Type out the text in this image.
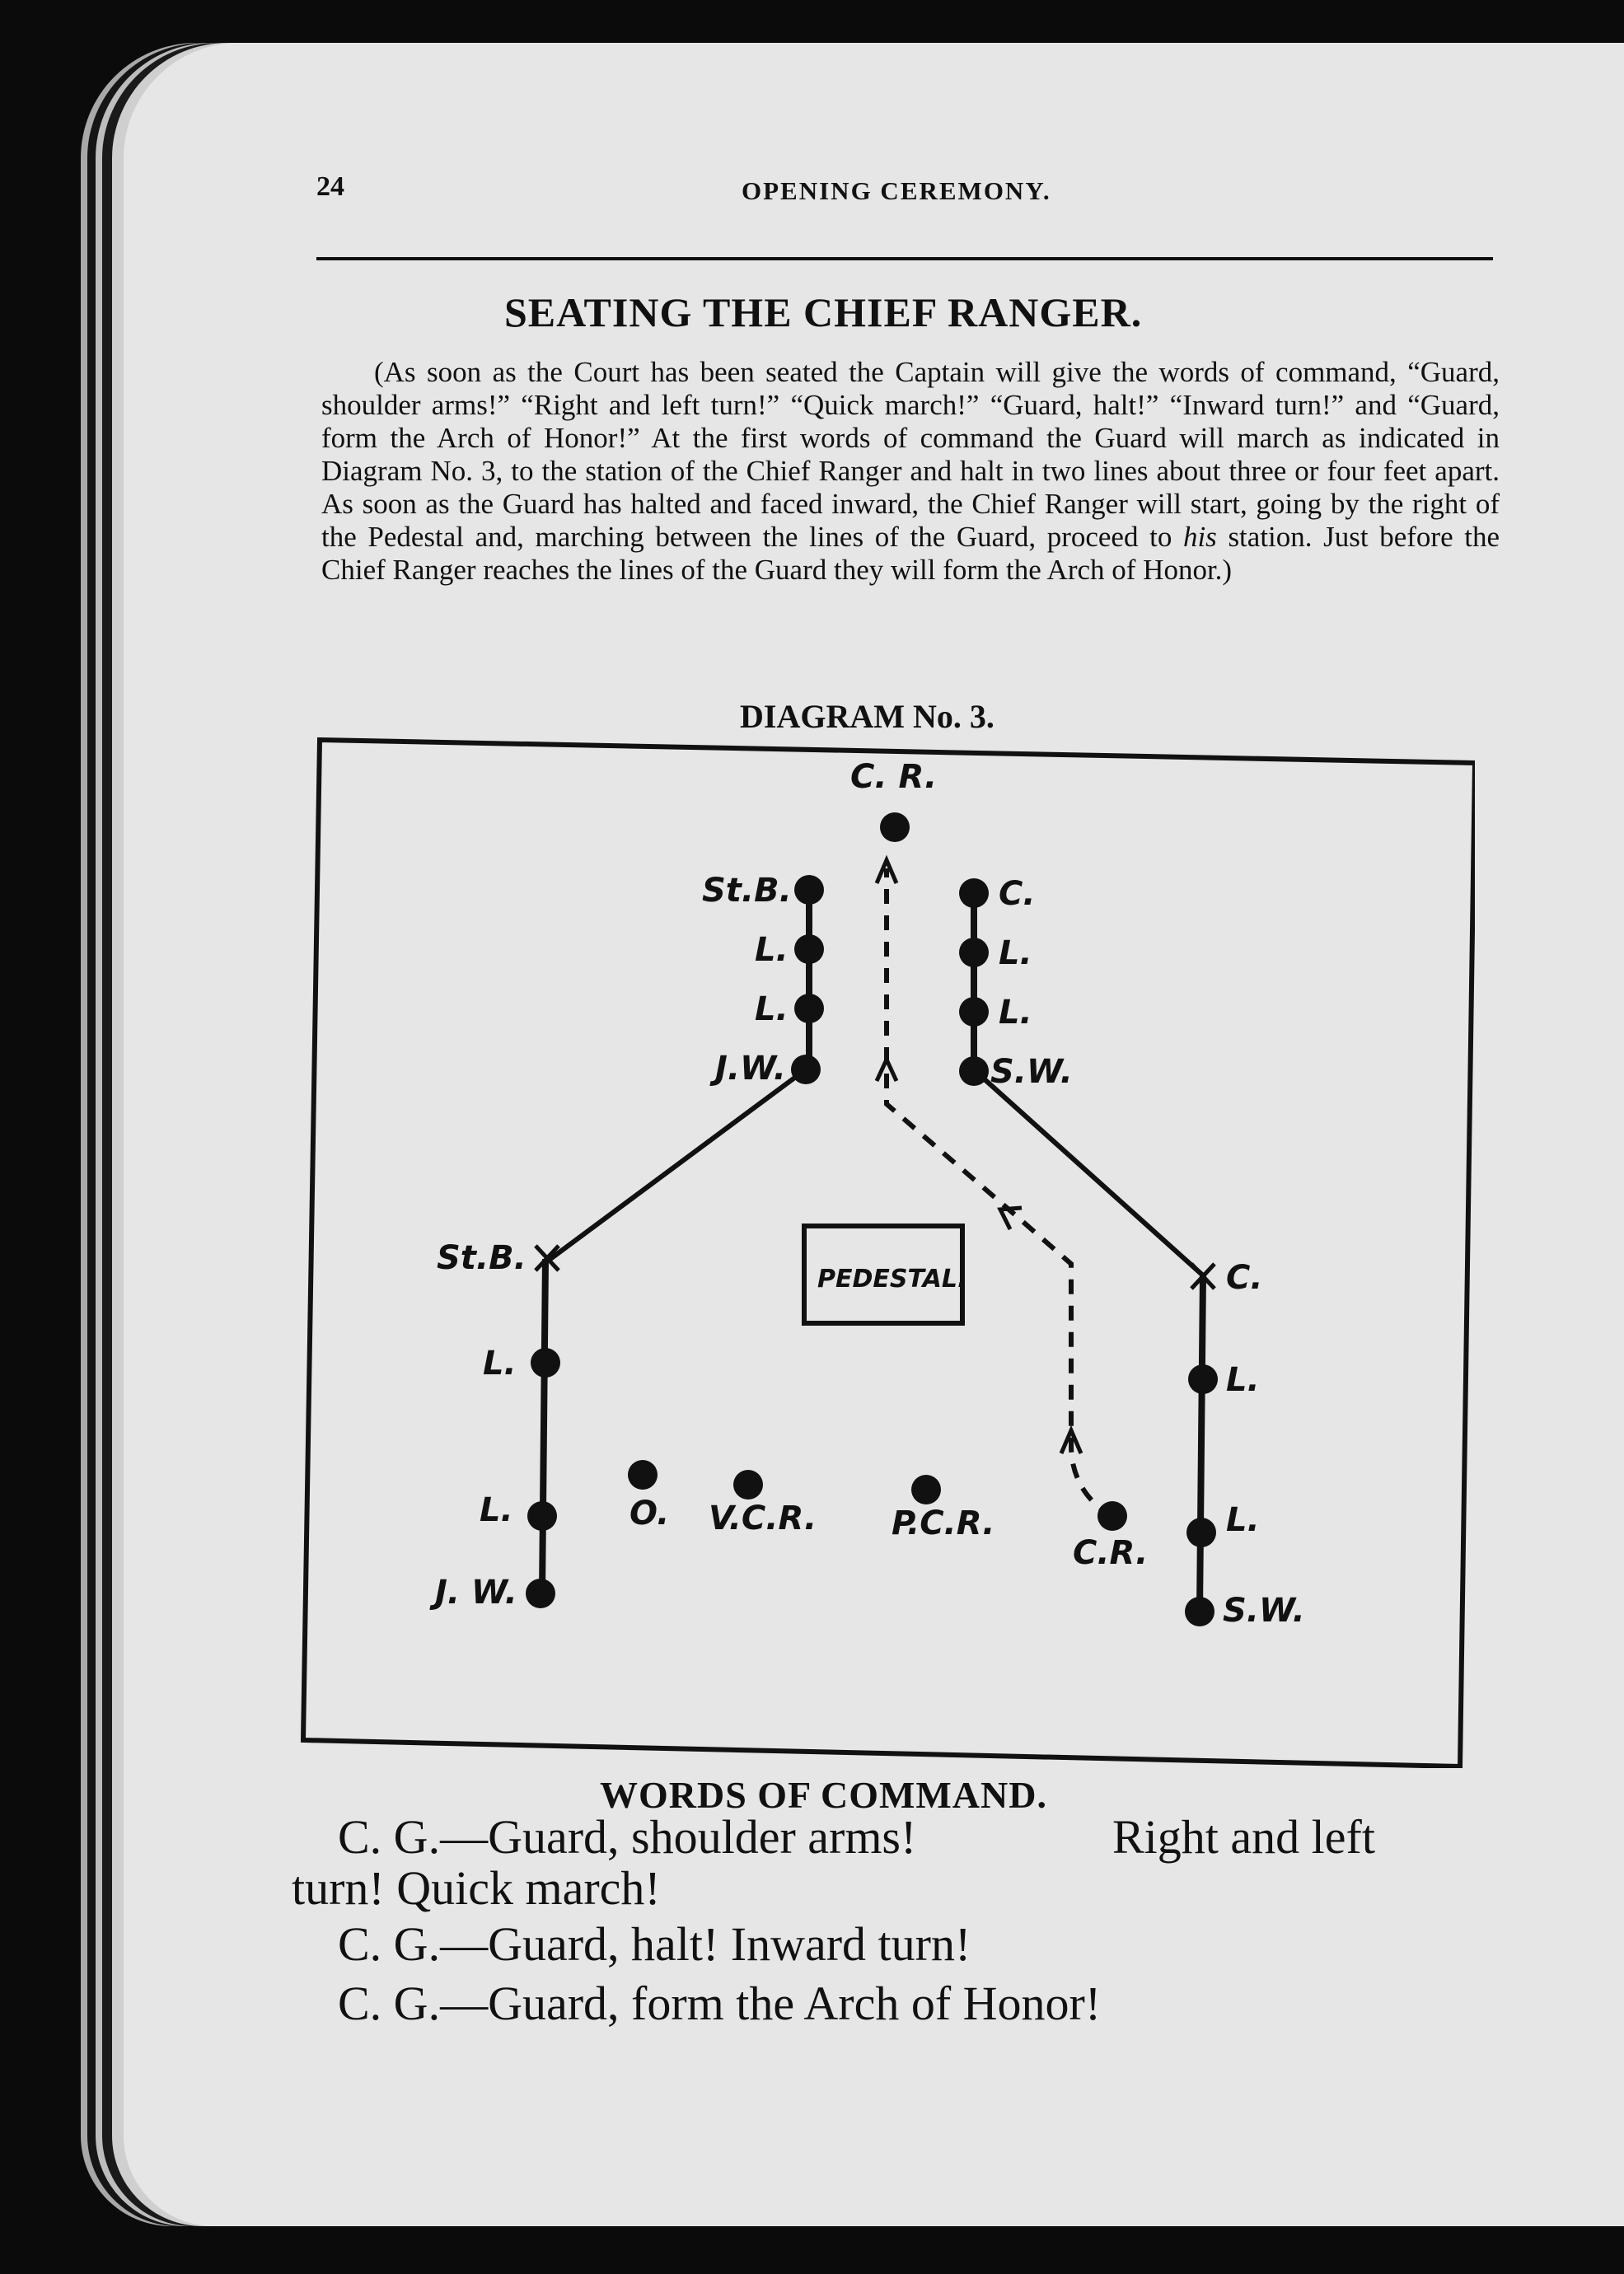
24	OPENING CEREMONY.
SEATING THE CHIEF RANGER.
(As soon as the Court has been seated the Captain will give the words of command, “Guard, shoulder arms!” “Right and left turn!” “Quick march!” “Guard, halt!” “Inward turn!” and “Guard, form the Arch of Honor!” At the first words of command the Guard will march as indicated in Diagram No. 3, to the station of the Chief Ranger and halt in two lines about three or four feet apart. As soon as the Guard has halted and faced inward, the Chief Ranger will start, going by the right of the Pedestal and, marching between the lines of the Guard, proceed to his station. Just before the Chief Ranger reaches the lines of the Guard they will form the Arch of Honor.)
DIAGRAM No. 3.
PEDESTAL.
C. R.
St.B.
L.
L.
J.W.
C.
L.
L.
S.W.
St.B.
C.
L.
L.
J. W.
O. V.C.R. P.C.R.
C.R.
L.
L.
S.W.
WORDS OF COMMAND.
C. G.—Guard, shoulder arms!	Right and left
turn! Quick march!
C. G.—Guard, halt! Inward turn!
C. G.—Guard, form the Arch of Honor!
